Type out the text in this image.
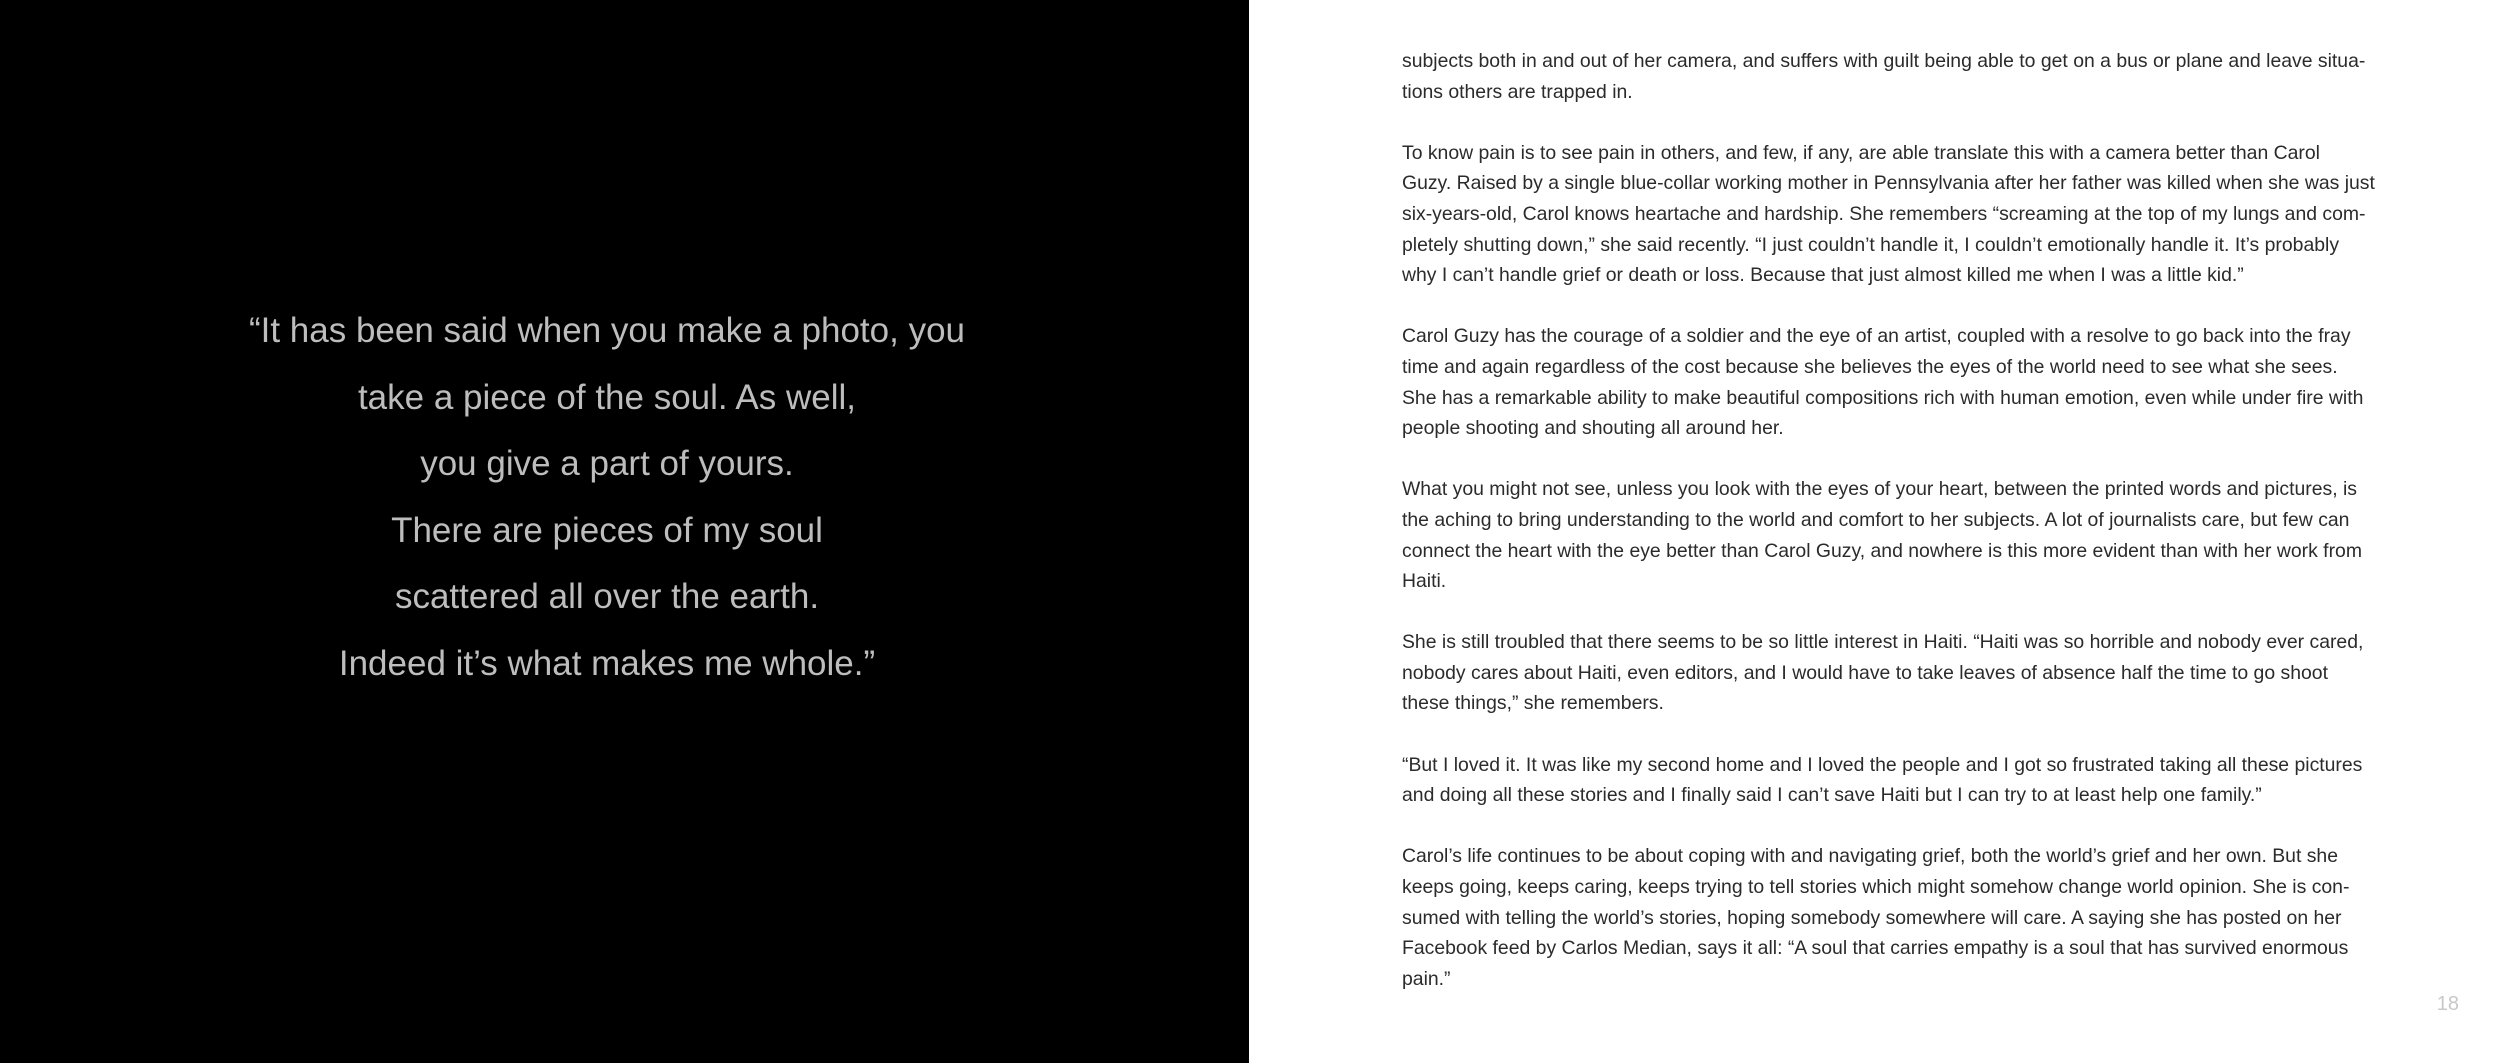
“It has been said when you make a photo, you
take a piece of the soul. As well,
you give a part of yours.
There are pieces of my soul
scattered all over the earth.
Indeed it’s what makes me whole.”

subjects both in and out of her camera, and suffers with guilt being able to get on a bus or plane and leave situa-
tions others are trapped in.

To know pain is to see pain in others, and few, if any, are able translate this with a camera better than Carol
Guzy. Raised by a single blue-collar working mother in Pennsylvania after her father was killed when she was just
six-years-old, Carol knows heartache and hardship. She remembers “screaming at the top of my lungs and com-
pletely shutting down,” she said recently. “I just couldn’t handle it, I couldn’t emotionally handle it. It’s probably
why I can’t handle grief or death or loss. Because that just almost killed me when I was a little kid.”

Carol Guzy has the courage of a soldier and the eye of an artist, coupled with a resolve to go back into the fray
time and again regardless of the cost because she believes the eyes of the world need to see what she sees.
She has a remarkable ability to make beautiful compositions rich with human emotion, even while under fire with
people shooting and shouting all around her.

What you might not see, unless you look with the eyes of your heart, between the printed words and pictures, is
the aching to bring understanding to the world and comfort to her subjects. A lot of journalists care, but few can
connect the heart with the eye better than Carol Guzy, and nowhere is this more evident than with her work from
Haiti.

She is still troubled that there seems to be so little interest in Haiti. “Haiti was so horrible and nobody ever cared,
nobody cares about Haiti, even editors, and I would have to take leaves of absence half the time to go shoot
these things,” she remembers.

“But I loved it. It was like my second home and I loved the people and I got so frustrated taking all these pictures
and doing all these stories and I finally said I can’t save Haiti but I can try to at least help one family.”

Carol’s life continues to be about coping with and navigating grief, both the world’s grief and her own. But she
keeps going, keeps caring, keeps trying to tell stories which might somehow change world opinion. She is con-
sumed with telling the world’s stories, hoping somebody somewhere will care. A saying she has posted on her
Facebook feed by Carlos Median, says it all: “A soul that carries empathy is a soul that has survived enormous
pain.”

18
